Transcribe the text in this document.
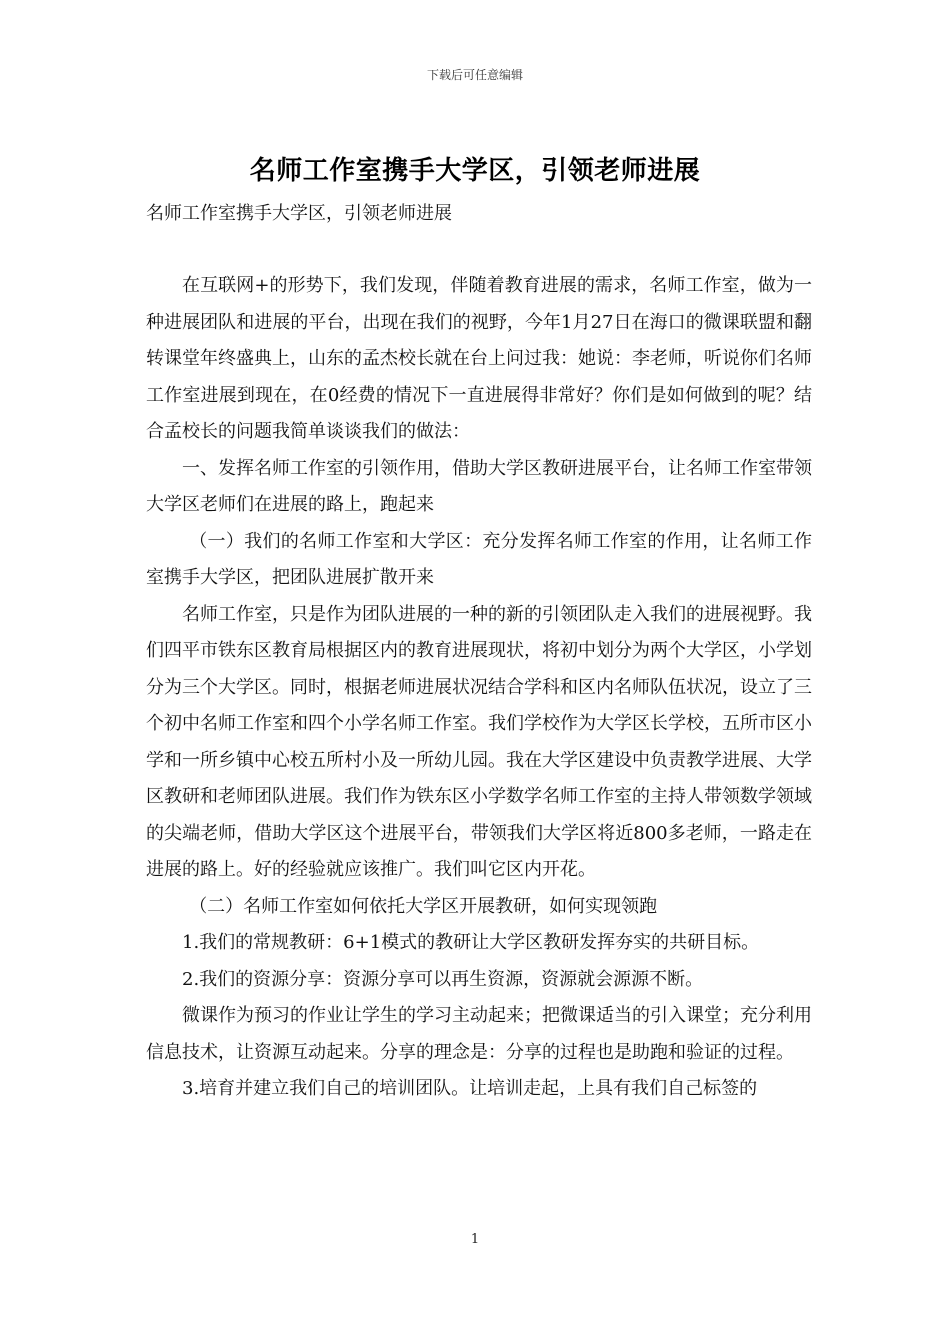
下载后可任意编辑
名师工作室携手大学区，引领老师进展
名师工作室携手大学区，引领老师进展

在互联网+的形势下，我们发现，伴随着教育进展的需求，名师工作室，做为一种进展团队和进展的平台，出现在我们的视野，今年1月27日在海口的微课联盟和翻转课堂年终盛典上，山东的孟杰校长就在台上问过我：她说：李老师，听说你们名师工作室进展到现在，在0经费的情况下一直进展得非常好？你们是如何做到的呢？结合孟校长的问题我简单谈谈我们的做法：

一、发挥名师工作室的引领作用，借助大学区教研进展平台，让名师工作室带领大学区老师们在进展的路上，跑起来

（一）我们的名师工作室和大学区：充分发挥名师工作室的作用，让名师工作室携手大学区，把团队进展扩散开来

名师工作室，只是作为团队进展的一种的新的引领团队走入我们的进展视野。我们四平市铁东区教育局根据区内的教育进展现状，将初中划分为两个大学区，小学划分为三个大学区。同时，根据老师进展状况结合学科和区内名师队伍状况，设立了三个初中名师工作室和四个小学名师工作室。我们学校作为大学区长学校，五所市区小学和一所乡镇中心校五所村小及一所幼儿园。我在大学区建设中负责教学进展、大学区教研和老师团队进展。我们作为铁东区小学数学名师工作室的主持人带领数学领域的尖端老师，借助大学区这个进展平台，带领我们大学区将近800多老师，一路走在进展的路上。好的经验就应该推广。我们叫它区内开花。

（二）名师工作室如何依托大学区开展教研，如何实现领跑

1.我们的常规教研：6+1模式的教研让大学区教研发挥夯实的共研目标。

2.我们的资源分享：资源分享可以再生资源，资源就会源源不断。

微课作为预习的作业让学生的学习主动起来；把微课适当的引入课堂；充分利用信息技术，让资源互动起来。分享的理念是：分享的过程也是助跑和验证的过程。

3.培育并建立我们自己的培训团队。让培训走起，上具有我们自己标签的

1
